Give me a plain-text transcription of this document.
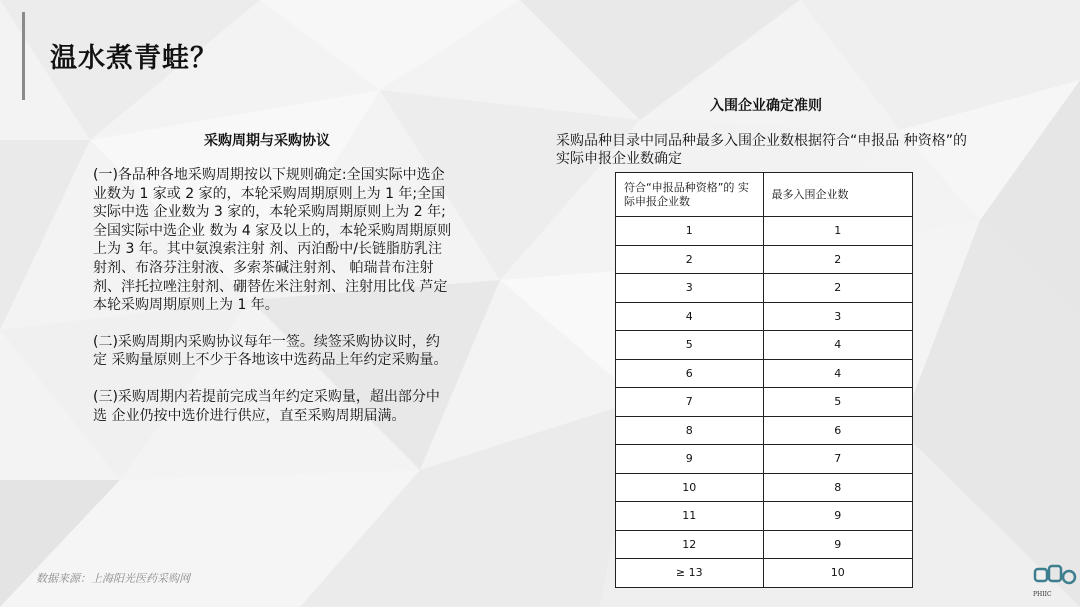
温水煮青蛙？
采购周期与采购协议

(一)各品种各地采购周期按以下规则确定:全国实际中选企 业数为 1 家或 2 家的，本轮采购周期原则上为 1 年;全国实际中选 企业数为 3 家的，本轮采购周期原则上为 2 年;全国实际中选企业 数为 4 家及以上的，本轮采购周期原则上为 3 年。其中氨溴索注射 剂、丙泊酚中/长链脂肪乳注射剂、布洛芬注射液、多索茶碱注射剂、 帕瑞昔布注射剂、泮托拉唑注射剂、硼替佐米注射剂、注射用比伐 芦定本轮采购周期原则上为 1 年。

(二)采购周期内采购协议每年一签。续签采购协议时，约定 采购量原则上不少于各地该中选药品上年约定采购量。

(三)采购周期内若提前完成当年约定采购量，超出部分中选 企业仍按中选价进行供应，直至采购周期届满。

入围企业确定准则
采购品种目录中同品种最多入围企业数根据符合“申报品 种资格”的实际申报企业数确定
符合“申报品种资格”的 实际申报企业数	最多入围企业数
1	1
2	2
3	2
4	3
5	4
6	4
7	5
8	6
9	7
10	8
11	9
12	9
≥ 13	10
数据来源：上海阳光医药采购网
PHIIC
